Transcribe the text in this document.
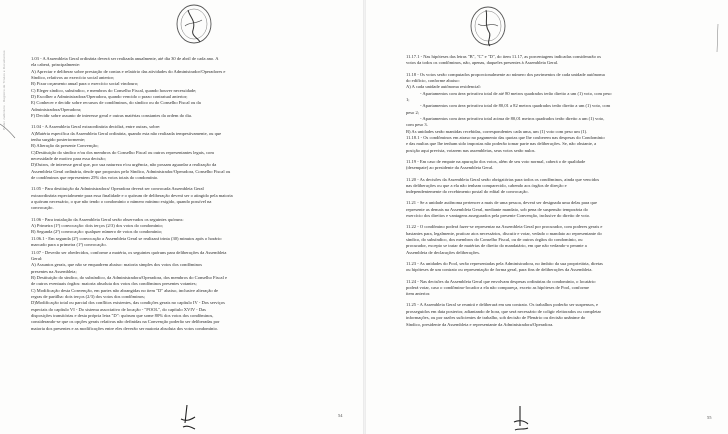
Poder Judiciário · Registro de Títulos e Documentos	1.03 - A Assembleia Geral ordinária deverá ser realizada anualmente, até dia 30 de abril de cada ano. A
ela caberá, principalmente:
A) Apreciar e deliberar sobre prestação de contas e relatório das atividades do Administrador/Operadores e
Síndico, relativos ao exercício social anterior;
B) Fixar orçamento anual para o exercício social vindouro;
C) Eleger síndico, subsíndico, e membros do Conselho Fiscal, quando houver necessidade;
D) Escolher a Administradora/Operadora, quando vencido o prazo contratual anterior;
E) Conhecer e decidir sobre recursos de condôminos, do síndico ou do Conselho Fiscal ou da
Administradora/Operadora;
F) Decidir sobre assunto de interesse geral e outras matérias constantes da ordem do dia.
11.04 - A Assembleia Geral extraordinária decidirá, entre outras, sobre:
A)Matéria específica da Assembleia Geral ordinária, quando esta não realizada tempestivamente, ou que
tenha surgido posteriormente;
B) Alteração da presente Convenção;
C)Destituição do síndico e/ou dos membros do Conselho Fiscal ou outros representantes legais, com
necessidade de motivo para essa decisão;
D)Outros, de interesse geral que, por sua natureza e/ou urgência, não possam aguardar a realização da
Assembleia Geral ordinária, desde que propostos pelo Síndico, Administrador/Operadora, Conselho Fiscal ou
de condôminos que representem 25% dos votos totais do condomínio.
11.05 - Para destituição da Administradora/ Operadora deverá ser convocada Assembleia Geral
extraordinária especialmente para essa finalidade e o quórum de deliberação deverá ser o atingido pela maioria
a quórum necessário, o que não tendo o condomínio o número mínimo exigido, quando possível na
convocação.
11.06 - Para instalação da Assembleia Geral serão observados os seguintes quóruns:
A) Primeira (1ª) convocação: dois terços (2/3) dos votos do condomínio;
B) Segunda (2ª) convocação: qualquer número de votos do condomínio;
11.06.1 - Em segunda (2ª) convocação a Assembleia Geral se realizará trinta (30) minutos após o horário
marcado para a primeira (1ª) convocação.
11.07 - Deverão ser obedecidos, conforme a matéria, os seguintes quóruns para deliberações da Assembleia
Geral:
A) Assuntos gerais, que não se enquadrem abaixo: maioria simples dos votos dos condôminos
presentes na Assembleia;
B) Destituição do síndico, do subsíndico, da Administradora/Operadora, dos membros do Conselho Fiscal e
de outros eventuais órgãos: maioria absoluta dos votos dos condôminos presentes votantes;
C) Modificação desta Convenção, em partes não abrangidas no item "D" abaixo, inclusive alteração de
regras de partilha: dois terços (2/3) dos votos dos condôminos;
D)Modificação total ou parcial dos conflitos existentes, das condições gerais no capítulo IV - Dos serviços
especiais do capítulo VI - Do sistema associativo de locação - "POOL", do capítulo XVIV - Das
disposições transitórias e desta própria letra "D": quórum que some 80% dos votos dos condôminos,
considerando-se que os opções gerais relativas não definidas na Convenção poderão ser deliberadas por
maioria dos presentes e as modificações entre eles deverão ser maioria absoluta dos votos condomínio.
54
11.17.1 - Nas hipóteses das letras "B", "C" e "D", do item 11.17, as porcentagens indicadas considerarão os
votos da todos os condôminos, não, apenas, daqueles presentes à Assembleia Geral.
11.18 - Os votos serão computados proporcionalmente ao número dos pavimentos de cada unidade autônoma
do edifício, conforme abaixo:
A) A cada unidade autônoma residencial:
- Apartamentos com área privativa total de até 80 metros quadrados terão direito a um (1) voto, com peso
1;
- Apartamentos com área privativa total de 80,01 a 82 metros quadrados terão direito a um (1) voto, com
peso 2;
- Apartamentos com área privativa total acima de 80,01 metros quadrados terão direito a um (1) voto,
com peso 3.
B) As unidades serão mantidas recebidas, correspondentes cada uma, um (1) voto com peso um (1).
11.18.1 - Os condôminos em atraso no pagamento das quotas que lhe couberem nas despesas do Condomínio
e das multas que lhe tenham sido impostas não poderão tomar parte nas deliberações. Se, não obstante, a
posição aqui prevista, votarem nas assembleias, seus votos serão nulos.
11.19 - Em caso de empate na apuração dos votos, além de seu voto normal, caberá o de qualidade
(desempate) ao presidente da Assembleia Geral.
11.20 - As decisões da Assembleia Geral serão obrigatórias para todos os condôminos, ainda que vencidos
nas deliberações ou que a ela não tenham comparecido, cabendo aos órgãos de direção e
independentemente do recebimento postal do edital de convocação.
11.21 - Se a unidade autônoma pertencer a mais de uma pessoa, deverá ser designada uma delas para que
represente as demais na Assembleia Geral, mediante mandato, sob pena de suspensão temporária do
exercício dos direitos e vantagens assegurados pela presente Convenção, inclusive do direito de voto.
11.22 - O condômino poderá fazer-se representar na Assembleia Geral por procurador, com poderes gerais e
bastantes para, legalmente, praticar atos necessários, discutir e votar, vedado o mandato ao representante do
síndico, do subsíndico, dos membros do Conselho Fiscal, ou de outros órgãos do condomínio, ou
procurador, excepto se tratar de matérias de direito do mandatário, em que não vedando-o perante a
Assembleia de declarações deliberações.
11.23 - As unidades do Pool, serão representadas pela Administradora, no âmbito da sua proprietária, diretas
ou hipóteses de um contrato ou representação de forma geral, para fins de deliberações da Assembleia.
11.24 - Nas decisões da Assembleia Geral que envolvam despesas ordinárias do condomínio, o locatário
poderá votar, caso o condômino-locador a ela não compareça, exceto as hipóteses de Pool, conforme
item anterior.
11.25 - A Assembleia Geral se reunirá e deliberará em um contrato. Os trabalhos poderão ser suspensos, e
prosseguidos em data posterior, adiantando de hora, que será necessário de coligir eleitorados ou completar
informações, ou por razões suficientes de trabalho, sob decisão de Plenário ou decisão unânime do
Síndico, presidente da Assembleia e representante da Administradora/Operadora.
55
